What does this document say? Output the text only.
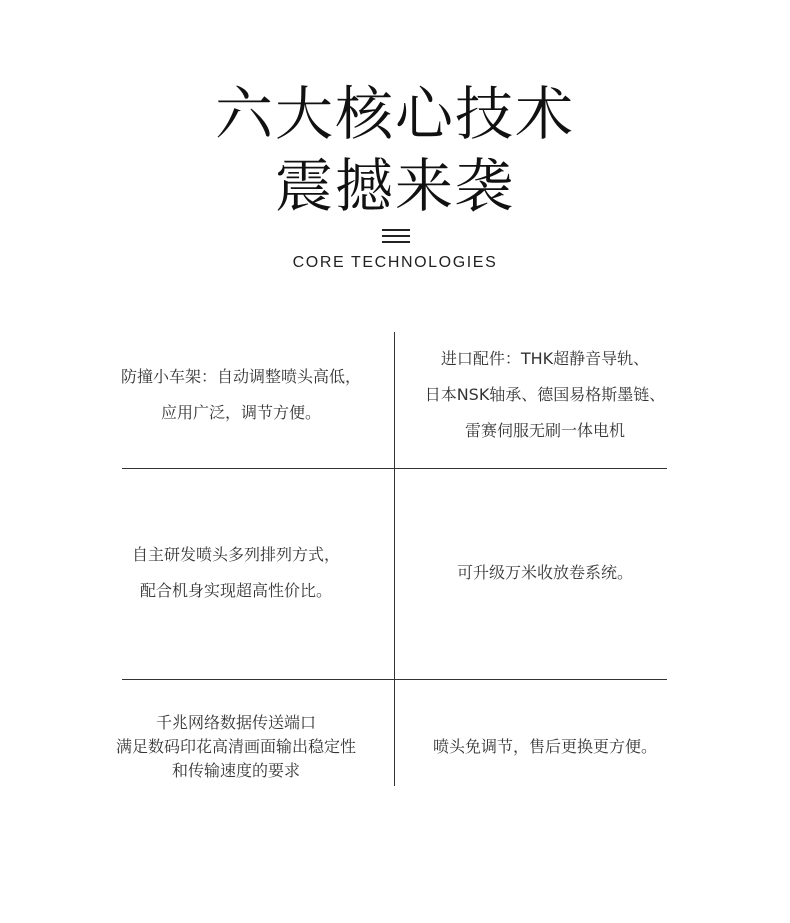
六大核心技术
震撼来袭
CORE TECHNOLOGIES
防撞小车架：自动调整喷头高低，
应用广泛，调节方便。
进口配件：THK超静音导轨、
日本NSK轴承、德国易格斯墨链、
雷赛伺服无刷一体电机
自主研发喷头多列排列方式，
配合机身实现超高性价比。
可升级万米收放卷系统。
千兆网络数据传送端口
满足数码印花高清画面输出稳定性
和传输速度的要求
喷头免调节，售后更换更方便。
